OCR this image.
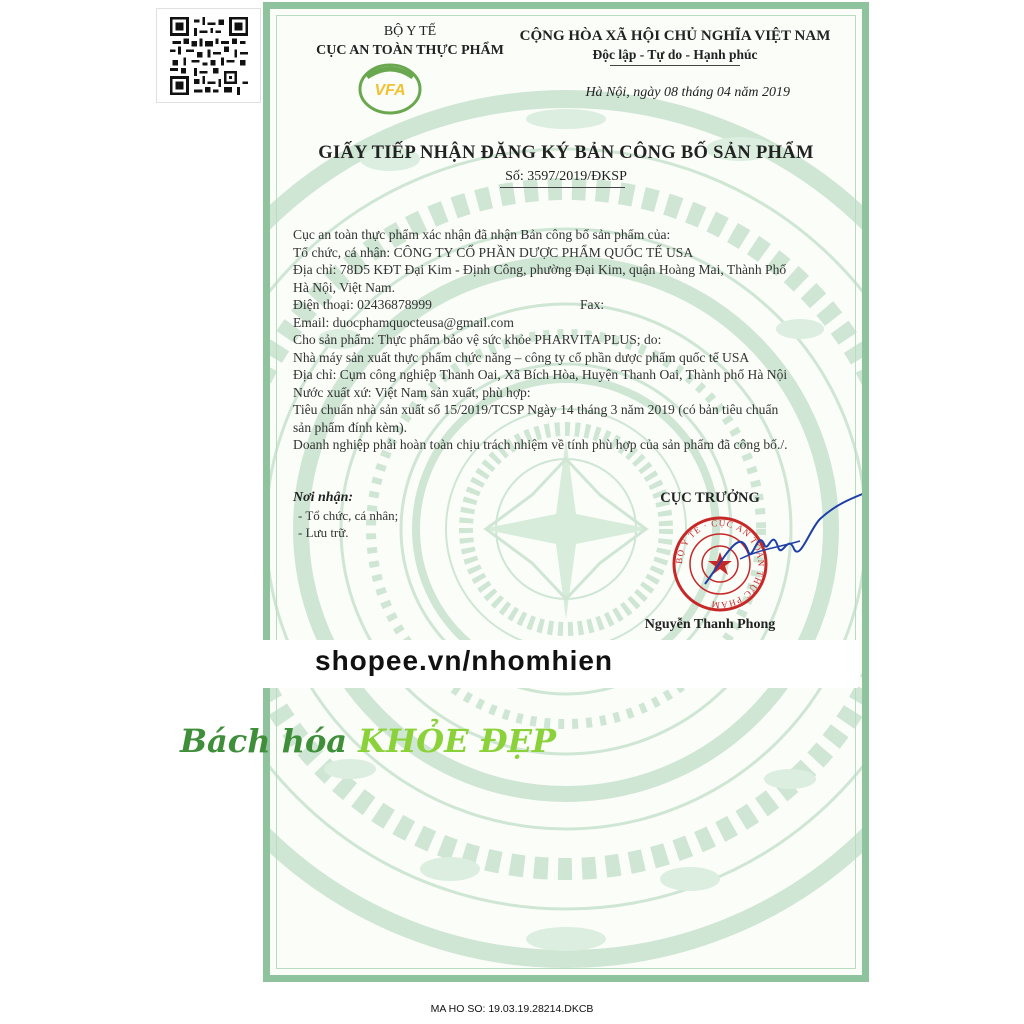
BỘ Y TẾ
CỤC AN TOÀN THỰC PHẨM
VFA
CỘNG HÒA XÃ HỘI CHỦ NGHĨA VIỆT NAM
Độc lập - Tự do - Hạnh phúc
Hà Nội, ngày 08 tháng 04 năm 2019
GIẤY TIẾP NHẬN ĐĂNG KÝ BẢN CÔNG BỐ SẢN PHẨM
Số: 3597/2019/ĐKSP
Cục an toàn thực phẩm xác nhận đã nhận Bản công bố sản phẩm của:
Tổ chức, cá nhân: CÔNG TY CỔ PHẦN DƯỢC PHẨM QUỐC TẾ USA
Địa chỉ: 78D5 KĐT Đại Kim - Định Công, phường Đại Kim, quận Hoàng Mai, Thành Phố
Hà Nội, Việt Nam.
Điện thoại: 02436878999	Fax:
Email: duocphamquocteusa@gmail.com
Cho sản phẩm: Thực phẩm bảo vệ sức khỏe PHARVITA PLUS; do:
Nhà máy sản xuất thực phẩm chức năng – công ty cổ phần dược phẩm quốc tế USA
Địa chỉ: Cụm công nghiệp Thanh Oai, Xã Bích Hòa, Huyện Thanh Oai, Thành phố Hà Nội
Nước xuất xứ: Việt Nam sản xuất, phù hợp:
Tiêu chuẩn nhà sản xuất số 15/2019/TCSP Ngày 14 tháng 3 năm 2019 (có bản tiêu chuẩn
sản phẩm đính kèm).
Doanh nghiệp phải hoàn toàn chịu trách nhiệm về tính phù hợp của sản phẩm đã công bố./.
Nơi nhận:
- Tổ chức, cá nhân;
- Lưu trữ.
CỤC TRƯỞNG
BỘ Y TẾ · CỤC AN TOÀN THỰC PHẨM
Nguyễn Thanh Phong
shopee.vn/nhomhien
Bách hóa KHỎE ĐẸP
MA HO SO: 19.03.19.28214.DKCB
